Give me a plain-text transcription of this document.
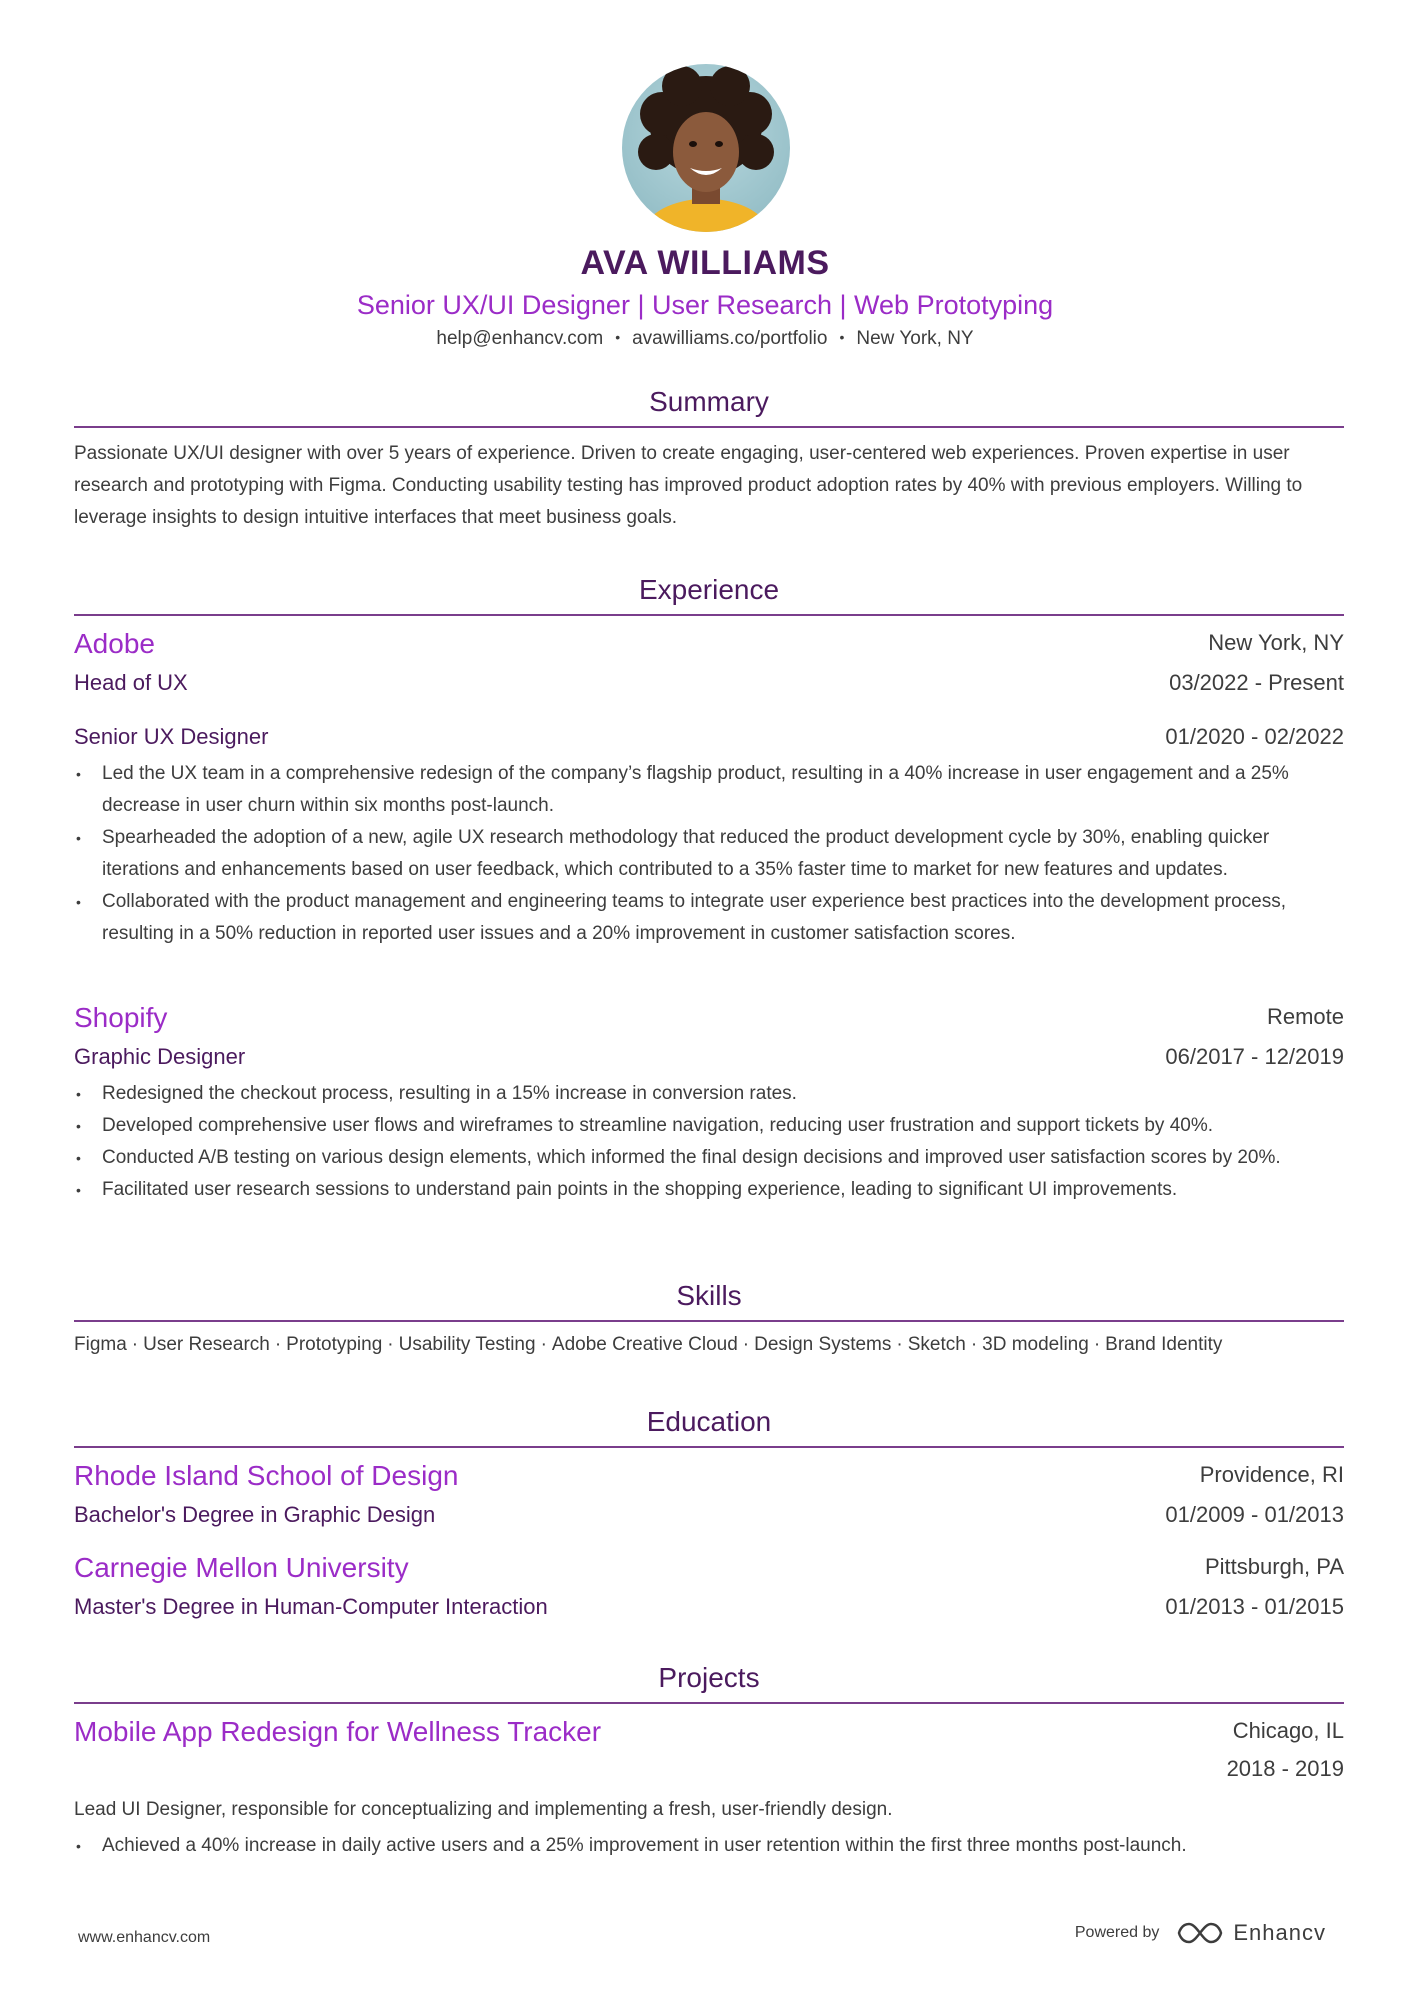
AVA WILLIAMS
Senior UX/UI Designer | User Research | Web Prototyping
help@enhancv.com • avawilliams.co/portfolio • New York, NY
Summary
Passionate UX/UI designer with over 5 years of experience. Driven to create engaging, user-centered web experiences. Proven expertise in user research and prototyping with Figma. Conducting usability testing has improved product adoption rates by 40% with previous employers. Willing to leverage insights to design intuitive interfaces that meet business goals.
Experience
Adobe	New York, NY
Head of UX	03/2022 - Present
Senior UX Designer	01/2020 - 02/2022
• Led the UX team in a comprehensive redesign of the company’s flagship product, resulting in a 40% increase in user engagement and a 25% decrease in user churn within six months post-launch.
• Spearheaded the adoption of a new, agile UX research methodology that reduced the product development cycle by 30%, enabling quicker iterations and enhancements based on user feedback, which contributed to a 35% faster time to market for new features and updates.
• Collaborated with the product management and engineering teams to integrate user experience best practices into the development process, resulting in a 50% reduction in reported user issues and a 20% improvement in customer satisfaction scores.
Shopify	Remote
Graphic Designer	06/2017 - 12/2019
• Redesigned the checkout process, resulting in a 15% increase in conversion rates.
• Developed comprehensive user flows and wireframes to streamline navigation, reducing user frustration and support tickets by 40%.
• Conducted A/B testing on various design elements, which informed the final design decisions and improved user satisfaction scores by 20%.
• Facilitated user research sessions to understand pain points in the shopping experience, leading to significant UI improvements.
Skills
Figma · User Research · Prototyping · Usability Testing · Adobe Creative Cloud · Design Systems · Sketch · 3D modeling · Brand Identity
Education
Rhode Island School of Design	Providence, RI
Bachelor's Degree in Graphic Design	01/2009 - 01/2013
Carnegie Mellon University	Pittsburgh, PA
Master's Degree in Human-Computer Interaction	01/2013 - 01/2015
Projects
Mobile App Redesign for Wellness Tracker	Chicago, IL
2018 - 2019
Lead UI Designer, responsible for conceptualizing and implementing a fresh, user-friendly design.
• Achieved a 40% increase in daily active users and a 25% improvement in user retention within the first three months post-launch.
www.enhancv.com	Powered by	Enhancv
